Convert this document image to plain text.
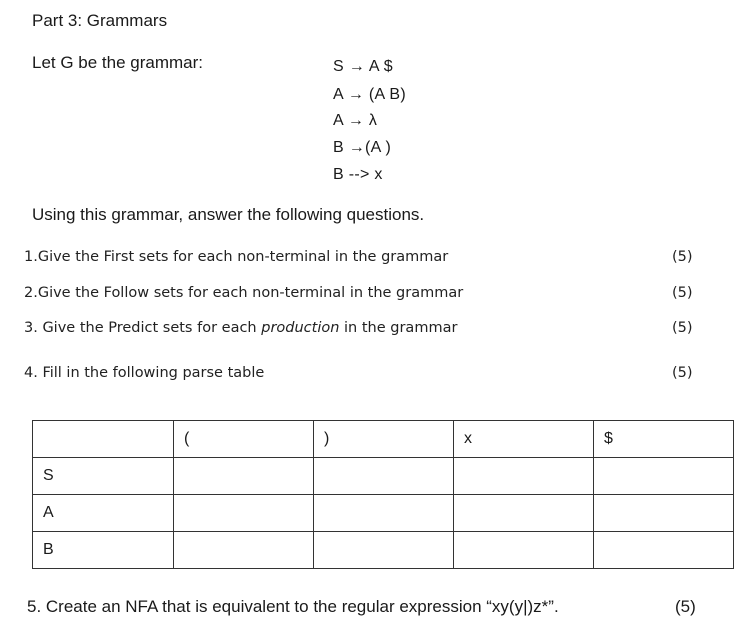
Part 3: Grammars
Let G be the grammar:	S → A $
A → (A B)
A → λ
B →(A )
B --> x
Using this grammar, answer the following questions.
1.Give the First sets for each non-terminal in the grammar	(5)
2.Give the Follow sets for each non-terminal in the grammar	(5)
3. Give the Predict sets for each production in the grammar	(5)
4. Fill in the following parse table	(5)
	(	)	x	$
S				
A				
B				
5. Create an NFA that is equivalent to the regular expression “xy(y|)z*”.	(5)
